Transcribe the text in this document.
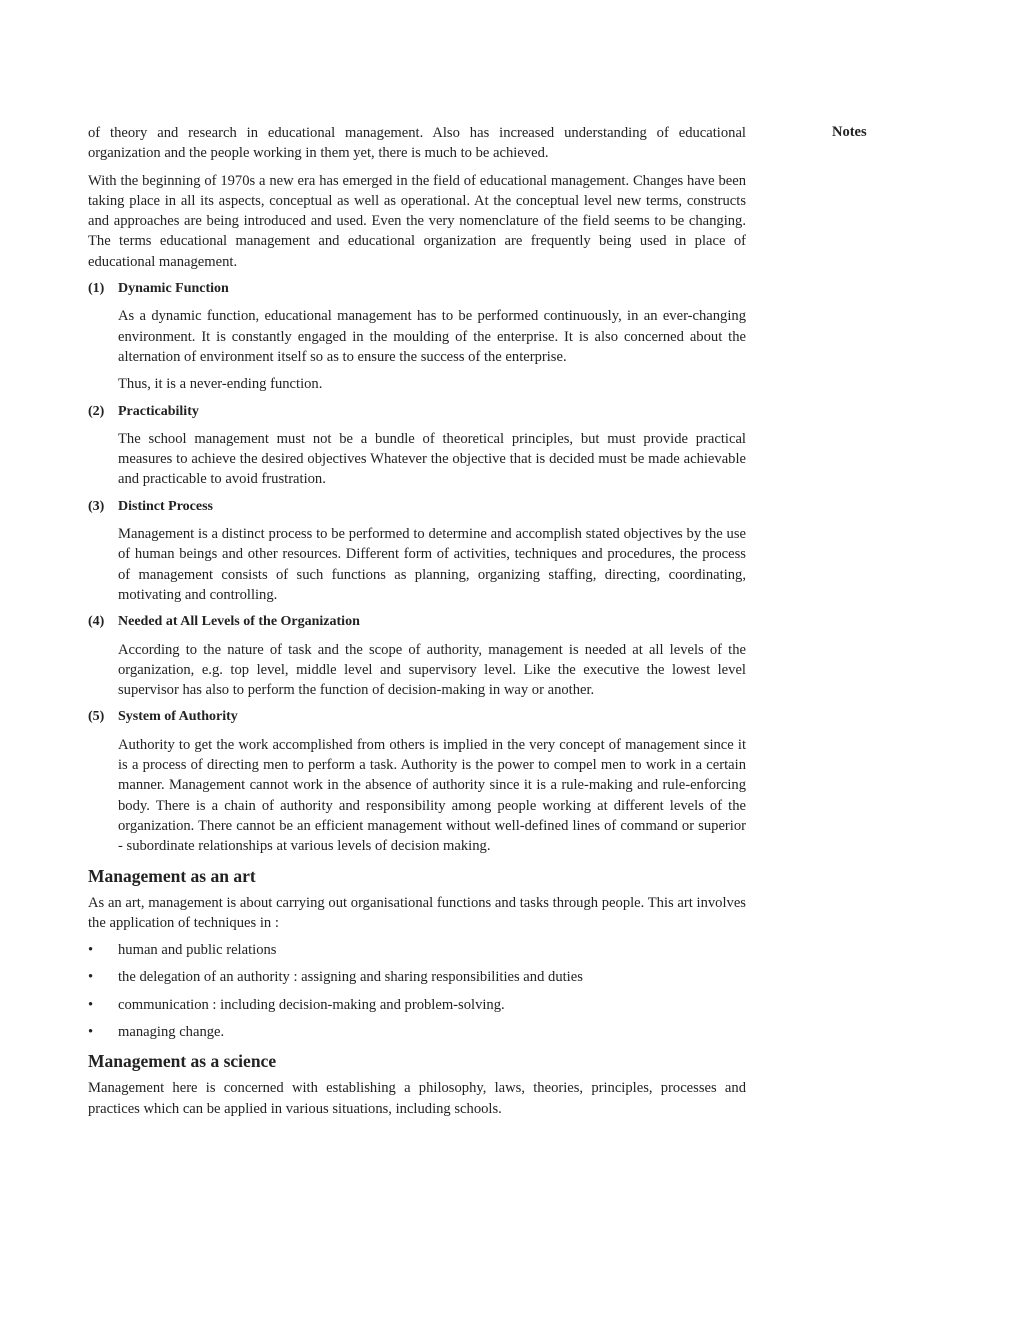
Notes

of theory and research in educational management. Also has increased understanding of educational organization and the people working in them yet, there is much to be achieved.

With the beginning of 1970s a new era has emerged in the field of educational management. Changes have been taking place in all its aspects, conceptual as well as operational. At the conceptual level new terms, constructs and approaches are being introduced and used. Even the very nomenclature of the field seems to be changing. The terms educational management and educational organization are frequently being used in place of educational management.

(1) Dynamic Function

As a dynamic function, educational management has to be performed continuously, in an ever-changing environment. It is constantly engaged in the moulding of the enterprise. It is also concerned about the alternation of environment itself so as to ensure the success of the enterprise.

Thus, it is a never-ending function.

(2) Practicability

The school management must not be a bundle of theoretical principles, but must provide practical measures to achieve the desired objectives Whatever the objective that is decided must be made achievable and practicable to avoid frustration.

(3) Distinct Process

Management is a distinct process to be performed to determine and accomplish stated objectives by the use of human beings and other resources. Different form of activities, techniques and procedures, the process of management consists of such functions as planning, organizing staffing, directing, coordinating, motivating and controlling.

(4) Needed at All Levels of the Organization

According to the nature of task and the scope of authority, management is needed at all levels of the organization, e.g. top level, middle level and supervisory level. Like the executive the lowest level supervisor has also to perform the function of decision-making in way or another.

(5) System of Authority

Authority to get the work accomplished from others is implied in the very concept of management since it is a process of directing men to perform a task. Authority is the power to compel men to work in a certain manner. Management cannot work in the absence of authority since it is a rule-making and rule-enforcing body. There is a chain of authority and responsibility among people working at different levels of the organization. There cannot be an efficient management without well-defined lines of command or superior - subordinate relationships at various levels of decision making.

Management as an art

As an art, management is about carrying out organisational functions and tasks through people. This art involves the application of techniques in :

•	human and public relations
•	the delegation of an authority : assigning and sharing responsibilities and duties
•	communication : including decision-making and problem-solving.
•	managing change.
Management as a science

Management here is concerned with establishing a philosophy, laws, theories, principles, processes and practices which can be applied in various situations, including schools.
